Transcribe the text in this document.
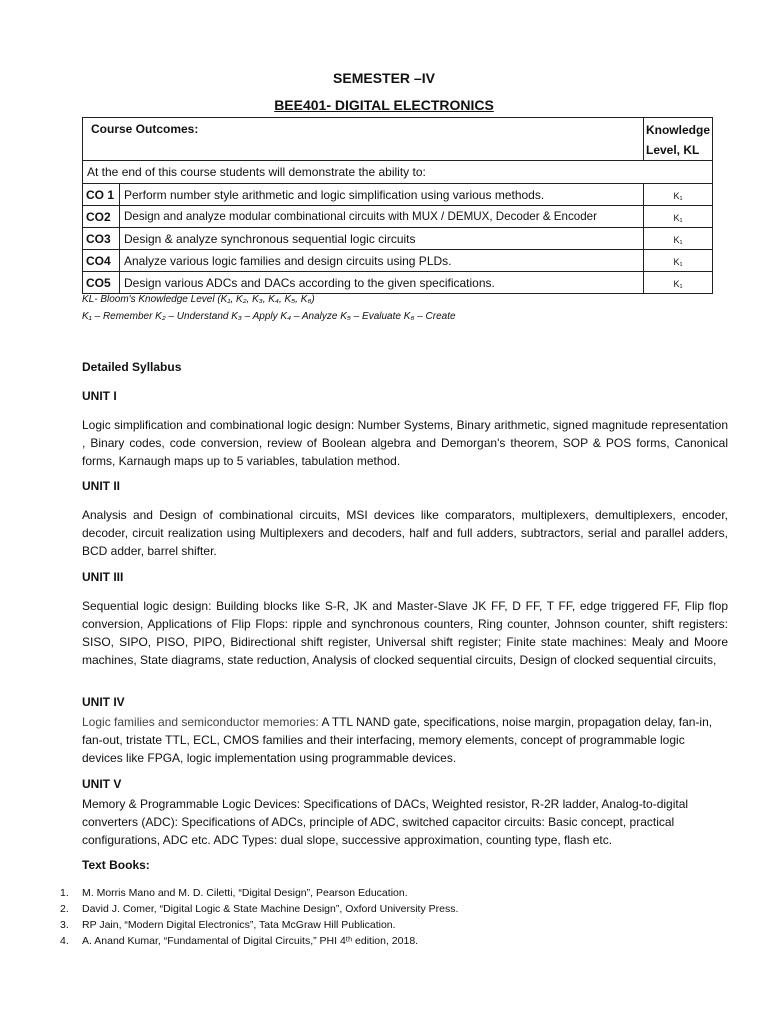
SEMESTER –IV
BEE401- DIGITAL ELECTRONICS
Course Outcomes:		Knowledge Level, KL
At the end of this course students will demonstrate the ability to:		
CO 1	Perform number style arithmetic and logic simplification using various methods.	K₁
CO2	Design and analyze modular combinational circuits with MUX / DEMUX, Decoder & Encoder	K₁
CO3	Design & analyze synchronous sequential logic circuits	K₁
CO4	Analyze various logic families and design circuits using PLDs.	K₁
CO5	Design various ADCs and DACs according to the given specifications.	K₁
KL- Bloom's Knowledge Level (K₁, K₂, K₃, K₄, K₅, K₆)
K₁ – Remember K₂ – Understand K₃ – Apply K₄ – Analyze K₅ – Evaluate K₆ – Create
Detailed Syllabus
UNIT I

Logic simplification and combinational logic design: Number Systems, Binary arithmetic, signed magnitude representation , Binary codes, code conversion, review of Boolean algebra and Demorgan's theorem, SOP & POS forms, Canonical forms, Karnaugh maps up to 5 variables, tabulation method.

UNIT II

Analysis and Design of combinational circuits, MSI devices like comparators, multiplexers, demultiplexers, encoder, decoder, circuit realization using Multiplexers and decoders, half and full adders, subtractors, serial and parallel adders, BCD adder, barrel shifter.

UNIT III

Sequential logic design: Building blocks like S-R, JK and Master-Slave JK FF, D FF, T FF, edge triggered FF, Flip flop conversion, Applications of Flip Flops: ripple and synchronous counters, Ring counter, Johnson counter, shift registers: SISO, SIPO, PISO, PIPO, Bidirectional shift register, Universal shift register; Finite state machines: Mealy and Moore machines, State diagrams, state reduction, Analysis of clocked sequential circuits, Design of clocked sequential circuits,

UNIT IV

Logic families and semiconductor memories: A TTL NAND gate, specifications, noise margin, propagation delay, fan-in, fan-out, tristate TTL, ECL, CMOS families and their interfacing, memory elements, concept of programmable logic devices like FPGA, logic implementation using programmable devices.

UNIT V

Memory & Programmable Logic Devices: Specifications of DACs, Weighted resistor, R-2R ladder, Analog-to-digital converters (ADC): Specifications of ADCs, principle of ADC, switched capacitor circuits: Basic concept, practical configurations, ADC etc. ADC Types: dual slope, successive approximation, counting type, flash etc.

Text Books:
1.	M. Morris Mano and M. D. Ciletti, “Digital Design”, Pearson Education.
2.	David J. Comer, “Digital Logic & State Machine Design”, Oxford University Press.
3.	RP Jain, “Modern Digital Electronics”, Tata McGraw Hill Publication.
4.	A. Anand Kumar, “Fundamental of Digital Circuits,” PHI 4ᵗʰ edition, 2018.
